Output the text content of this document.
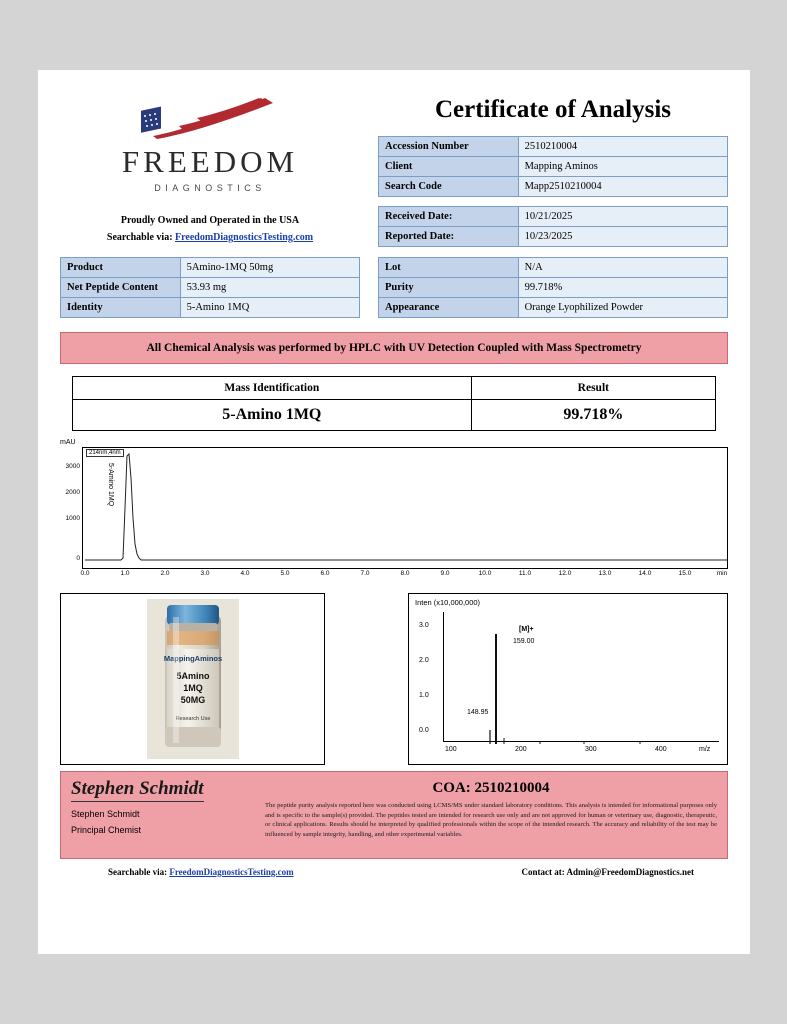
FREEDOM
DIAGNOSTICS
Proudly Owned and Operated in the USA
Searchable via: FreedomDiagnosticsTesting.com
Certificate of Analysis
Accession Number	2510210004
Client	Mapping Aminos
Search Code	Mapp2510210004
Received Date:	10/21/2025
Reported Date:	10/23/2025
Product	5Amino-1MQ 50mg
Net Peptide Content	53.93 mg
Identity	5-Amino 1MQ
Lot	N/A
Purity	99.718%
Appearance	Orange Lyophilized Powder
All Chemical Analysis was performed by HPLC with UV Detection Coupled with Mass Spectrometry
Mass Identification	Result
5-Amino 1MQ	99.718%
mAU
3000
2000
1000
0
214nm,4nm
5-Amino 1MQ
0.0	1.0	2.0	3.0	4.0	5.0	6.0	7.0	8.0	9.0	10.0	11.0	12.0	13.0	14.0	15.0	min
MappingAminos
5Amino
1MQ
50MG
Research Use
Inten (x10,000,000)
3.0
2.0
1.0
0.0
[M]+
159.00
148.95
100	200	300	400	m/z
Stephen Schmidt
Stephen Schmidt
Principal Chemist
COA: 2510210004
The peptide purity analysis reported here was conducted using LCMS/MS under standard laboratory conditions. This analysis is intended for informational purposes only and is specific to the sample(s) provided. The peptides tested are intended for research use only and are not approved for human or veterinary use, diagnostic, therapeutic, or clinical applications. Results should be interpreted by qualified professionals within the scope of the intended research. The accuracy and reliability of the test may be influenced by sample integrity, handling, and other experimental variables.
Searchable via: FreedomDiagnosticsTesting.com	Contact at: Admin@FreedomDiagnostics.net
